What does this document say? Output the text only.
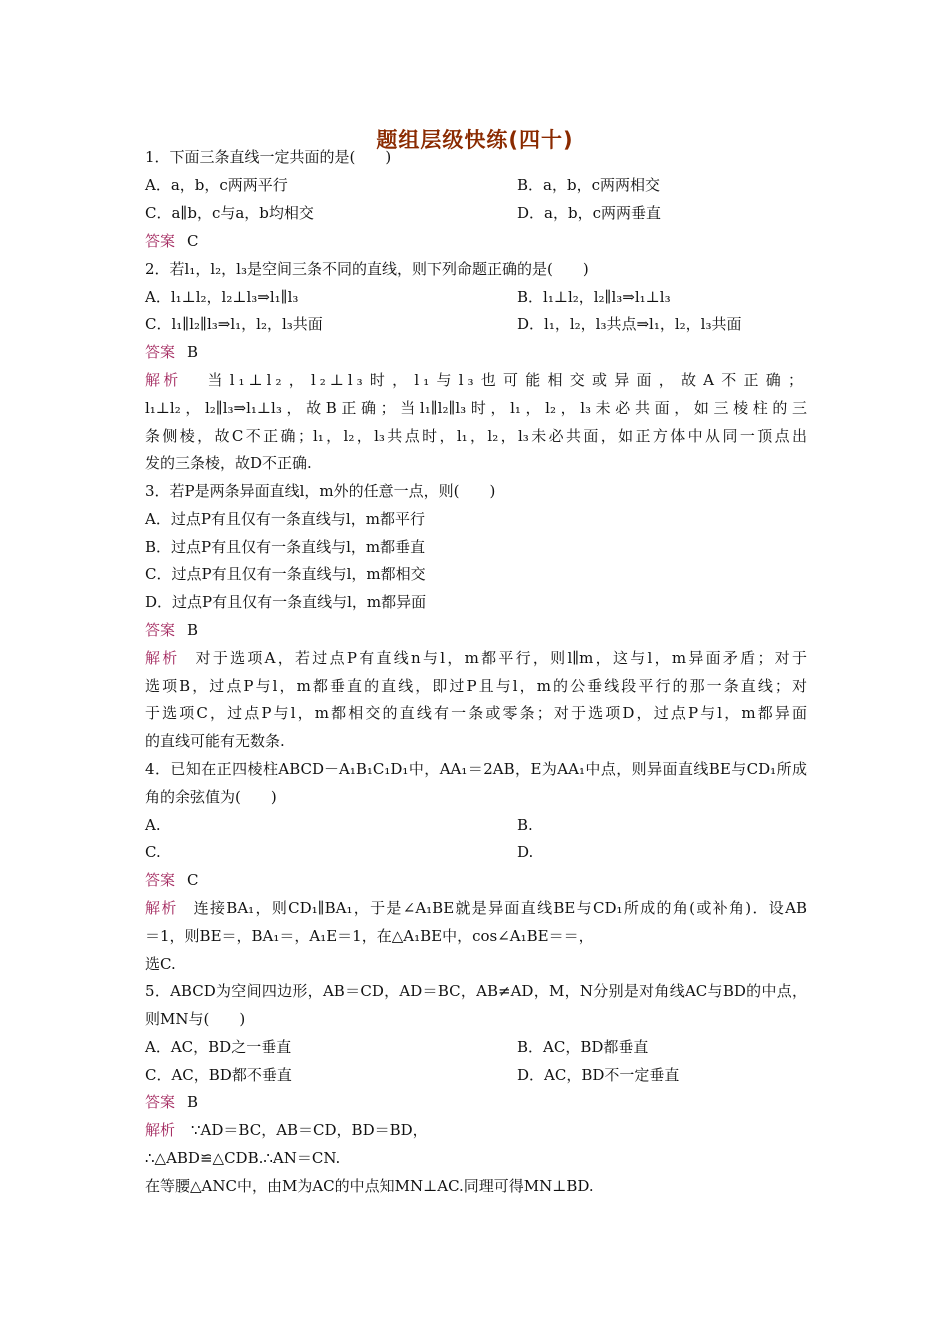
题组层级快练(四十)
1．下面三条直线一定共面的是(　　)
A．a，b，c两两平行	B．a，b，c两两相交
C．a∥b，c与a，b均相交	D．a，b，c两两垂直
答案 C
2．若l₁，l₂，l₃是空间三条不同的直线，则下列命题正确的是(　　)
A．l₁⊥l₂，l₂⊥l₃⇒l₁∥l₃	B．l₁⊥l₂，l₂∥l₃⇒l₁⊥l₃
C．l₁∥l₂∥l₃⇒l₁，l₂，l₃共面	D．l₁，l₂，l₃共点⇒l₁，l₂，l₃共面
答案 B
解析 当l₁⊥l₂，l₂⊥l₃时，l₁与l₃也可能相交或异面，故A不正确；
l₁⊥l₂，l₂∥l₃⇒l₁⊥l₃，故B正确；当l₁∥l₂∥l₃时，l₁，l₂，l₃未必共面，如三棱柱的三
条侧棱，故C不正确；l₁，l₂，l₃共点时，l₁，l₂，l₃未必共面，如正方体中从同一顶点出
发的三条棱，故D不正确.
3．若P是两条异面直线l，m外的任意一点，则(　　)
A．过点P有且仅有一条直线与l，m都平行
B．过点P有且仅有一条直线与l，m都垂直
C．过点P有且仅有一条直线与l，m都相交
D．过点P有且仅有一条直线与l，m都异面
答案 B
解析 对于选项A，若过点P有直线n与l，m都平行，则l∥m，这与l，m异面矛盾；对于
选项B，过点P与l，m都垂直的直线，即过P且与l，m的公垂线段平行的那一条直线；对
于选项C，过点P与l，m都相交的直线有一条或零条；对于选项D，过点P与l，m都异面
的直线可能有无数条.
4．已知在正四棱柱ABCD－A₁B₁C₁D₁中，AA₁＝2AB，E为AA₁中点，则异面直线BE与CD₁所成
角的余弦值为(　　)
A.	B.
C.	D.
答案 C
解析 连接BA₁，则CD₁∥BA₁，于是∠A₁BE就是异面直线BE与CD₁所成的角(或补角)．设AB
＝1，则BE＝，BA₁＝，A₁E＝1，在△A₁BE中，cos∠A₁BE＝＝，
选C.
5．ABCD为空间四边形，AB＝CD，AD＝BC，AB≠AD，M，N分别是对角线AC与BD的中点，
则MN与(　　)
A．AC，BD之一垂直	B．AC，BD都垂直
C．AC，BD都不垂直	D．AC，BD不一定垂直
答案 B
解析 ∵AD＝BC，AB＝CD，BD＝BD，
∴△ABD≌△CDB.∴AN＝CN.
在等腰△ANC中，由M为AC的中点知MN⊥AC.同理可得MN⊥BD.
